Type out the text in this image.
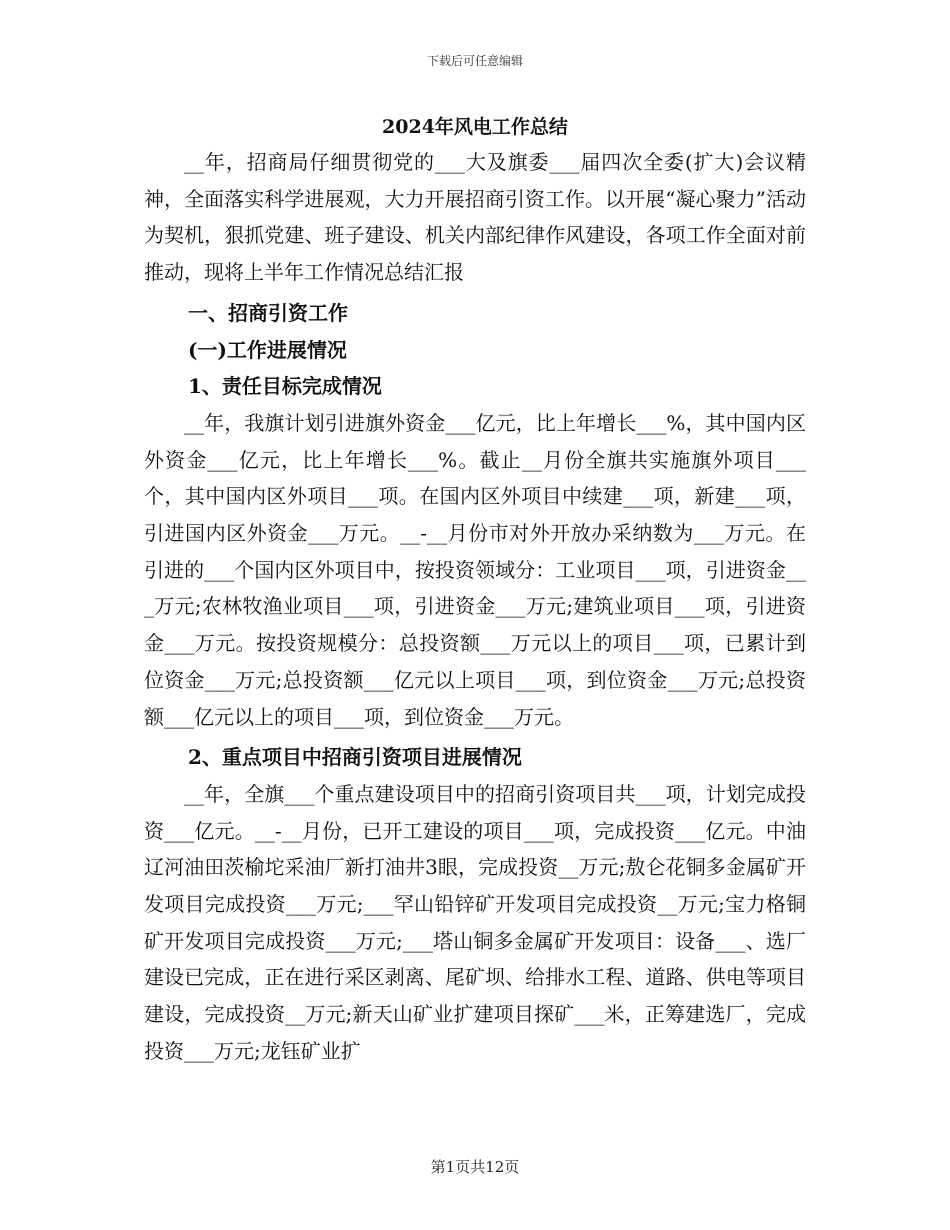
下载后可任意编辑
2024年风电工作总结

__年，招商局仔细贯彻党的___大及旗委___届四次全委(扩大)会议精神，全面落实科学进展观，大力开展招商引资工作。以开展“凝心聚力”活动为契机，狠抓党建、班子建设、机关内部纪律作风建设，各项工作全面对前推动，现将上半年工作情况总结汇报

一、招商引资工作
(一)工作进展情况
1、责任目标完成情况

__年，我旗计划引进旗外资金___亿元，比上年增长___%，其中国内区外资金___亿元，比上年增长___%。截止__月份全旗共实施旗外项目___个，其中国内区外项目___项。在国内区外项目中续建___项，新建___项，引进国内区外资金___万元。__-__月份市对外开放办采纳数为___万元。在引进的___个国内区外项目中，按投资领域分：工业项目___项，引进资金___万元;农林牧渔业项目___项，引进资金___万元;建筑业项目___项，引进资金___万元。按投资规模分：总投资额___万元以上的项目___项，已累计到位资金___万元;总投资额___亿元以上项目___项，到位资金___万元;总投资额___亿元以上的项目___项，到位资金___万元。

2、重点项目中招商引资项目进展情况

__年，全旗___个重点建设项目中的招商引资项目共___项，计划完成投资___亿元。__-__月份，已开工建设的项目___项，完成投资___亿元。中油辽河油田茨榆坨采油厂新打油井3眼，完成投资__万元;敖仑花铜多金属矿开发项目完成投资___万元;___罕山铅锌矿开发项目完成投资__万元;宝力格铜矿开发项目完成投资___万元;___塔山铜多金属矿开发项目：设备___、选厂建设已完成，正在进行采区剥离、尾矿坝、给排水工程、道路、供电等项目建设，完成投资__万元;新天山矿业扩建项目探矿___米，正筹建选厂，完成投资___万元;龙钰矿业扩

第1页共12页
